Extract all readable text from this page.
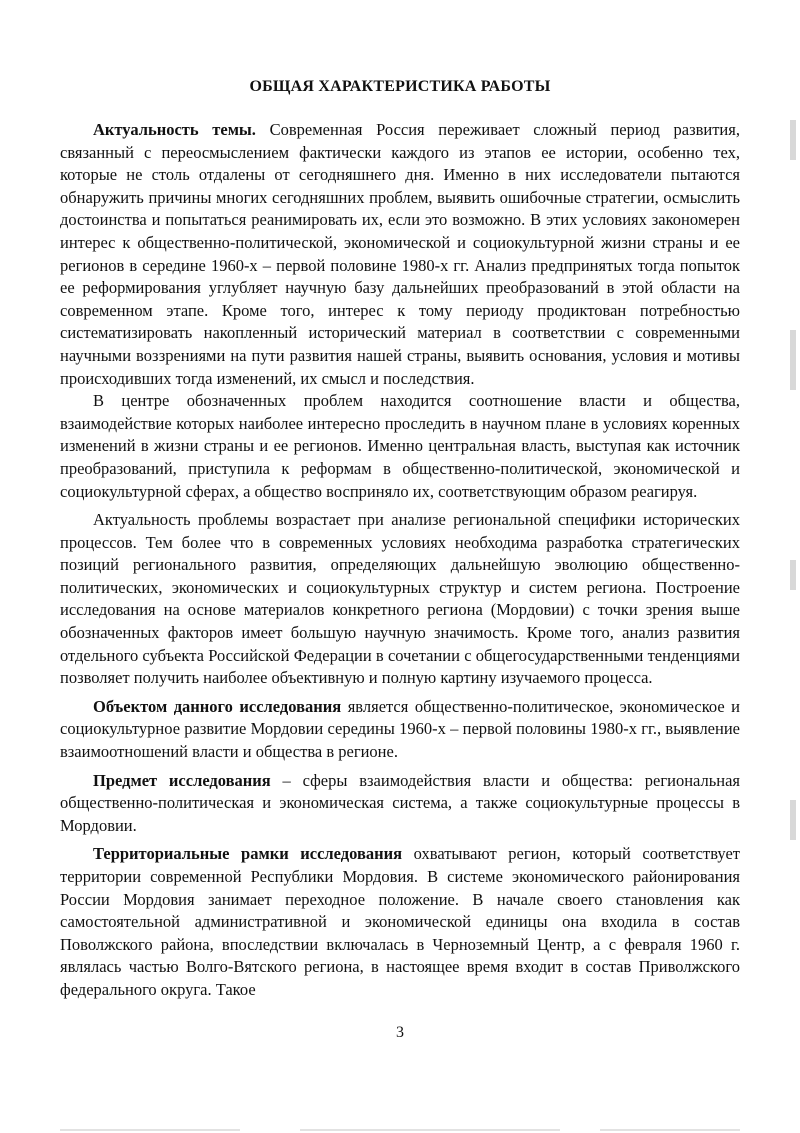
ОБЩАЯ ХАРАКТЕРИСТИКА РАБОТЫ

Актуальность темы. Современная Россия переживает сложный период развития, связанный с переосмыслением фактически каждого из этапов ее истории, особенно тех, которые не столь отдалены от сегодняшнего дня. Именно в них исследователи пытаются обнаружить причины многих сегодняшних проблем, выявить ошибочные стратегии, осмыслить достоинства и попытаться реанимировать их, если это возможно. В этих условиях закономерен интерес к общественно-политической, экономической и социокультурной жизни страны и ее регионов в середине 1960-х – первой половине 1980-х гг. Анализ предпринятых тогда попыток ее реформирования углубляет научную базу дальнейших преобразований в этой области на современном этапе. Кроме того, интерес к тому периоду продиктован потребностью систематизировать накопленный исторический материал в соответствии с современными научными воззрениями на пути развития нашей страны, выявить основания, условия и мотивы происходивших тогда изменений, их смысл и последствия.

В центре обозначенных проблем находится соотношение власти и общества, взаимодействие которых наиболее интересно проследить в научном плане в условиях коренных изменений в жизни страны и ее регионов. Именно центральная власть, выступая как источник преобразований, приступила к реформам в общественно-политической, экономической и социокультурной сферах, а общество восприняло их, соответствующим образом реагируя.

Актуальность проблемы возрастает при анализе региональной специфики исторических процессов. Тем более что в современных условиях необходима разработка стратегических позиций регионального развития, определяющих дальнейшую эволюцию общественно-политических, экономических и социокультурных структур и систем региона. Построение исследования на основе материалов конкретного региона (Мордовии) с точки зрения выше обозначенных факторов имеет большую научную значимость. Кроме того, анализ развития отдельного субъекта Российской Федерации в сочетании с общегосударственными тенденциями позволяет получить наиболее объективную и полную картину изучаемого процесса.

Объектом данного исследования является общественно-политическое, экономическое и социокультурное развитие Мордовии середины 1960-х – первой половины 1980-х гг., выявление взаимоотношений власти и общества в регионе.

Предмет исследования – сферы взаимодействия власти и общества: региональная общественно-политическая и экономическая система, а также социокультурные процессы в Мордовии.

Территориальные рамки исследования охватывают регион, который соответствует территории современной Республики Мордовия. В системе экономического районирования России Мордовия занимает переходное положение. В начале своего становления как самостоятельной административной и экономической единицы она входила в состав Поволжского района, впоследствии включалась в Черноземный Центр, а с февраля 1960 г. являлась частью Волго-Вятского региона, в настоящее время входит в состав Приволжского федерального округа. Такое

3
